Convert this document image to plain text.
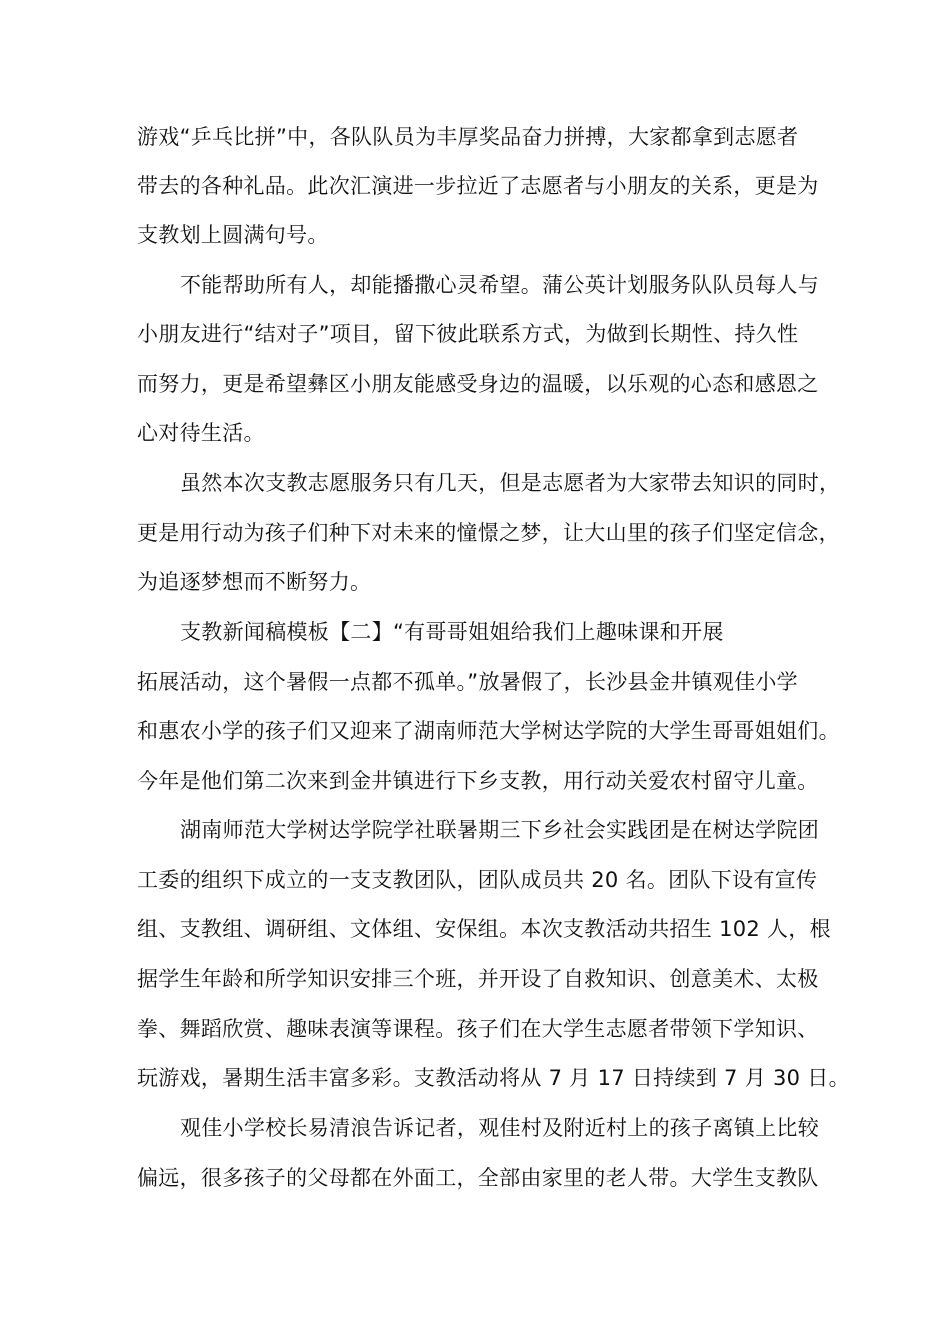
游戏“乒乓比拼”中，各队队员为丰厚奖品奋力拼搏，大家都拿到志愿者
带去的各种礼品。此次汇演进一步拉近了志愿者与小朋友的关系，更是为
支教划上圆满句号。
不能帮助所有人，却能播撒心灵希望。蒲公英计划服务队队员每人与
小朋友进行“结对子”项目，留下彼此联系方式，为做到长期性、持久性
而努力，更是希望彝区小朋友能感受身边的温暖，以乐观的心态和感恩之
心对待生活。
虽然本次支教志愿服务只有几天，但是志愿者为大家带去知识的同时，
更是用行动为孩子们种下对未来的憧憬之梦，让大山里的孩子们坚定信念，
为追逐梦想而不断努力。
支教新闻稿模板【二】“有哥哥姐姐给我们上趣味课和开展
拓展活动，这个暑假一点都不孤单。”放暑假了，长沙县金井镇观佳小学
和惠农小学的孩子们又迎来了湖南师范大学树达学院的大学生哥哥姐姐们。
今年是他们第二次来到金井镇进行下乡支教，用行动关爱农村留守儿童。
湖南师范大学树达学院学社联暑期三下乡社会实践团是在树达学院团
工委的组织下成立的一支支教团队，团队成员共 20 名。团队下设有宣传
组、支教组、调研组、文体组、安保组。本次支教活动共招生 102 人，根
据学生年龄和所学知识安排三个班，并开设了自救知识、创意美术、太极
拳、舞蹈欣赏、趣味表演等课程。孩子们在大学生志愿者带领下学知识、
玩游戏，暑期生活丰富多彩。支教活动将从 7 月 17 日持续到 7 月 30 日。
观佳小学校长易清浪告诉记者，观佳村及附近村上的孩子离镇上比较
偏远，很多孩子的父母都在外面工，全部由家里的老人带。大学生支教队
